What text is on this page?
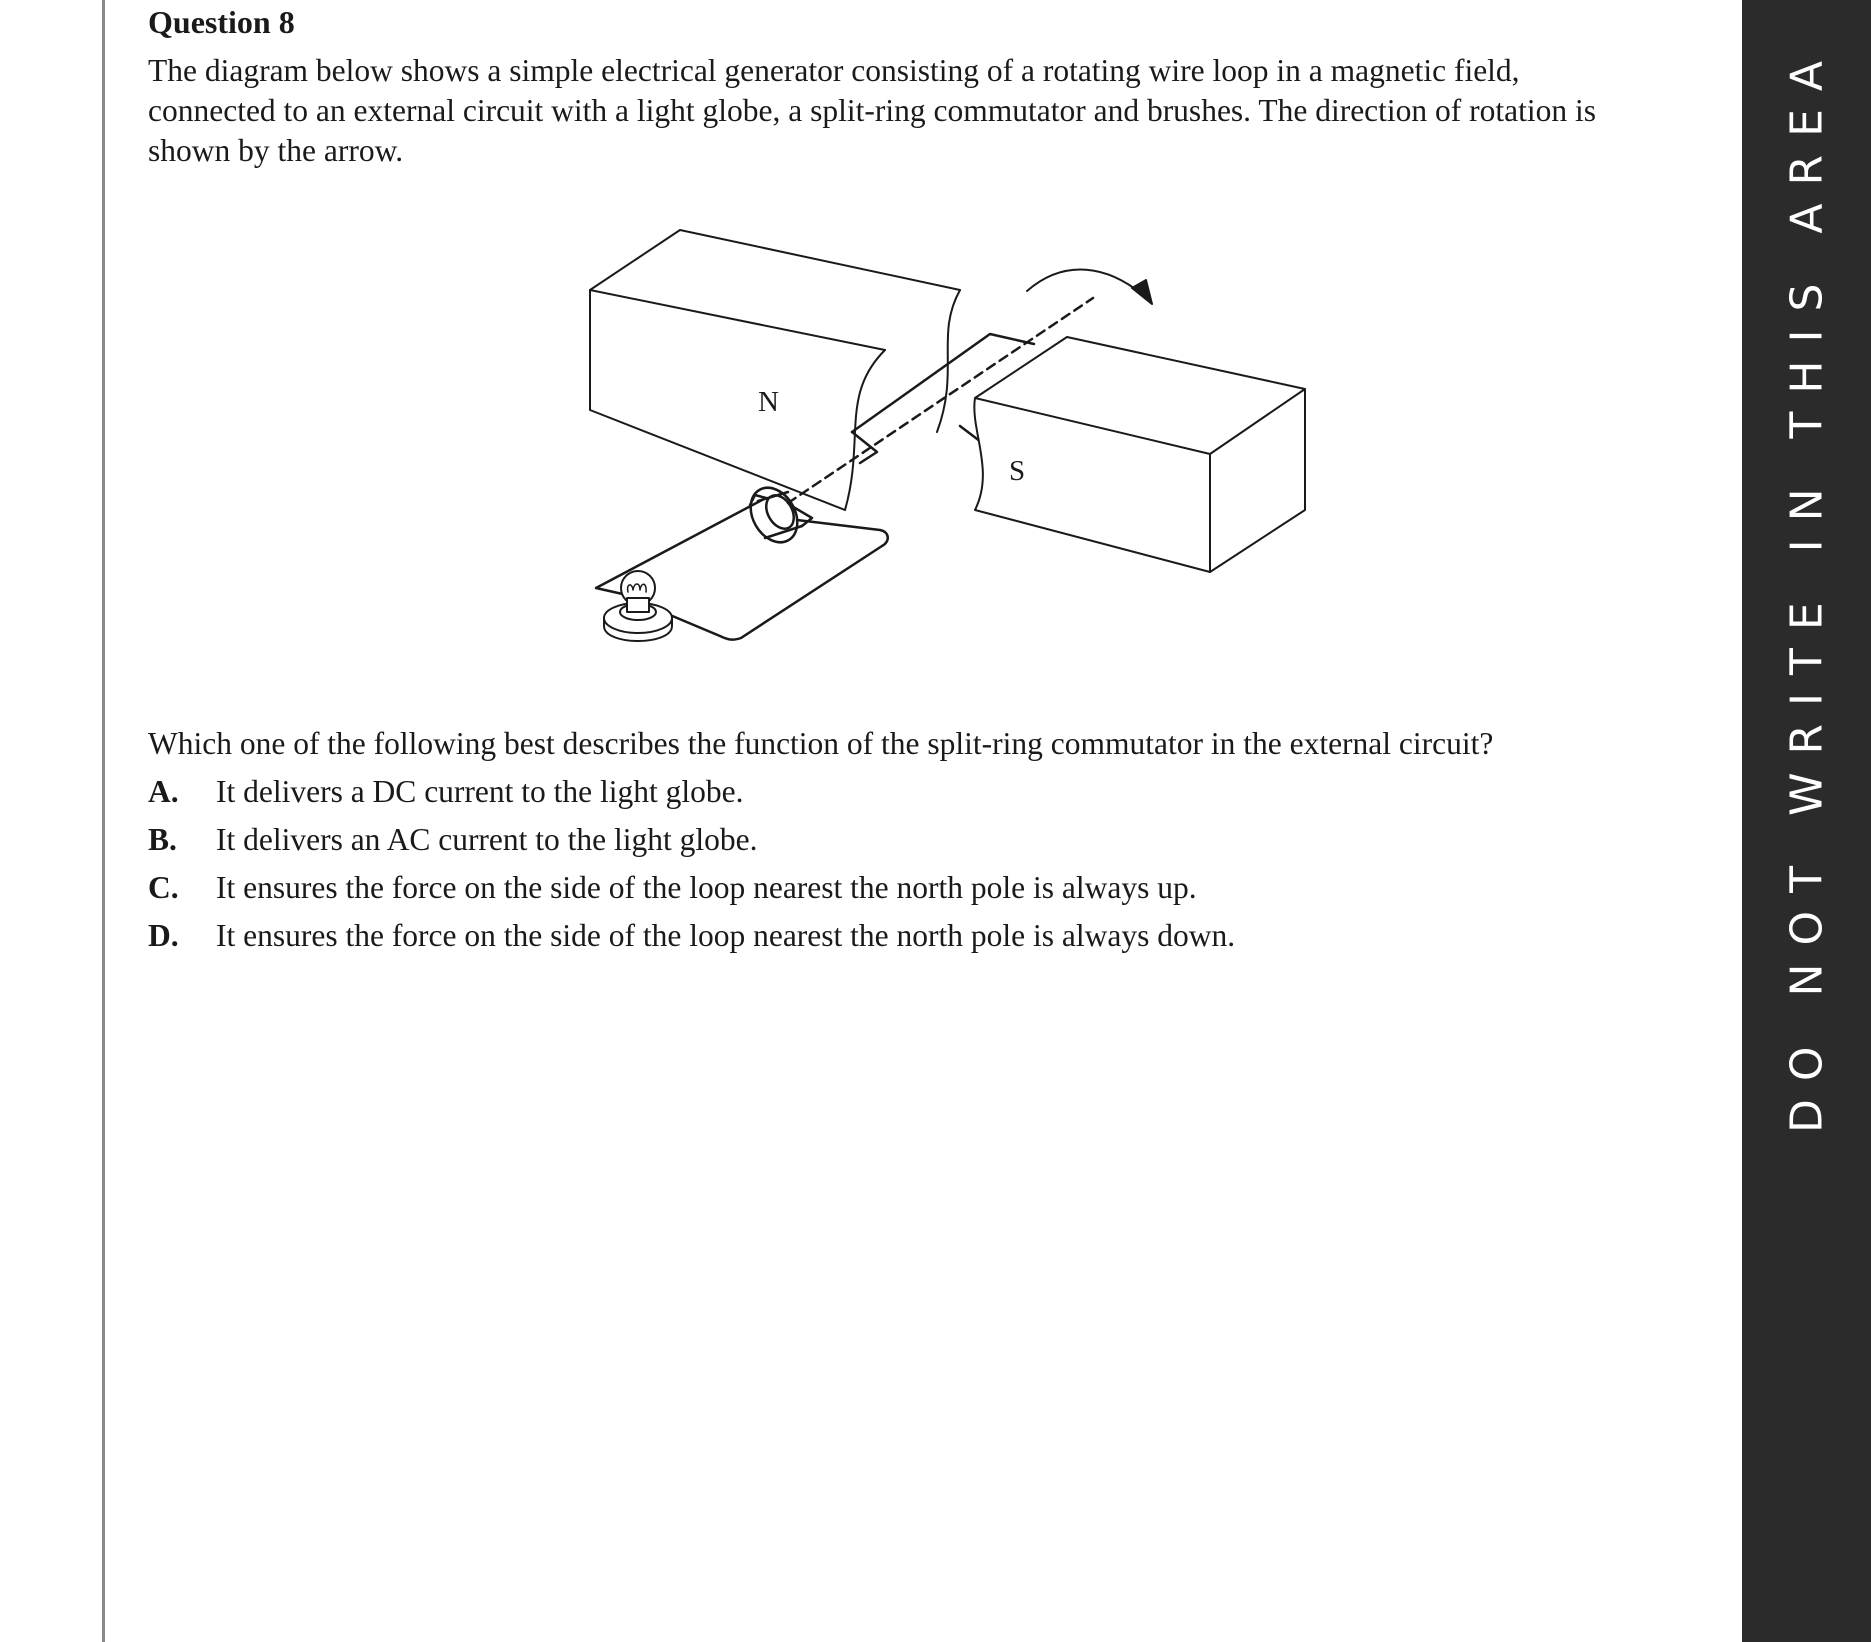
DO NOT WRITE IN THIS AREA
Question 8

The diagram below shows a simple electrical generator consisting of a rotating wire loop in a magnetic field,
connected to an external circuit with a light globe, a split-ring commutator and brushes. The direction of rotation is
shown by the arrow.

N
S
Which one of the following best describes the function of the split-ring commutator in the external circuit?
A. It delivers a DC current to the light globe.
B. It delivers an AC current to the light globe.
C. It ensures the force on the side of the loop nearest the north pole is always up.
D. It ensures the force on the side of the loop nearest the north pole is always down.
